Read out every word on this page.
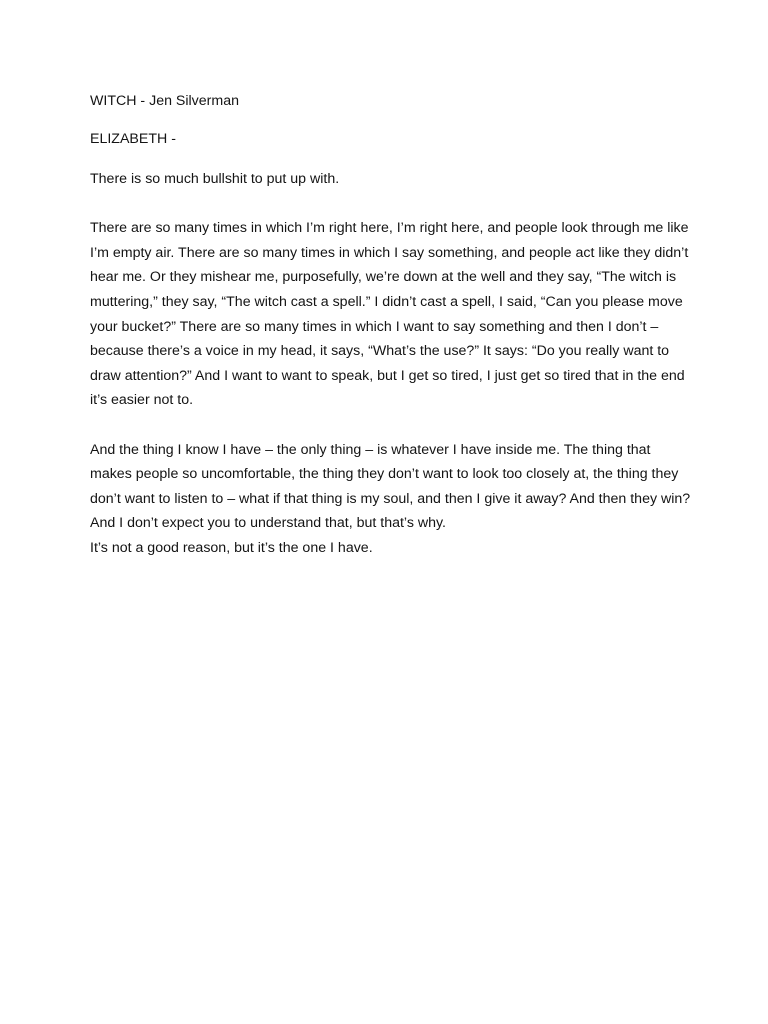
WITCH - Jen Silverman

ELIZABETH -

There is so much bullshit to put up with.

There are so many times in which I’m right here, I’m right here, and people look through me like
I’m empty air. There are so many times in which I say something, and people act like they didn’t
hear me. Or they mishear me, purposefully, we’re down at the well and they say, “The witch is
muttering,” they say, “The witch cast a spell.” I didn’t cast a spell, I said, “Can you please move
your bucket?” There are so many times in which I want to say something and then I don’t –
because there’s a voice in my head, it says, “What’s the use?” It says: “Do you really want to
draw attention?” And I want to want to speak, but I get so tired, I just get so tired that in the end
it’s easier not to.

And the thing I know I have – the only thing – is whatever I have inside me. The thing that
makes people so uncomfortable, the thing they don’t want to look too closely at, the thing they
don’t want to listen to – what if that thing is my soul, and then I give it away? And then they win?
And I don’t expect you to understand that, but that’s why.
It’s not a good reason, but it’s the one I have.
